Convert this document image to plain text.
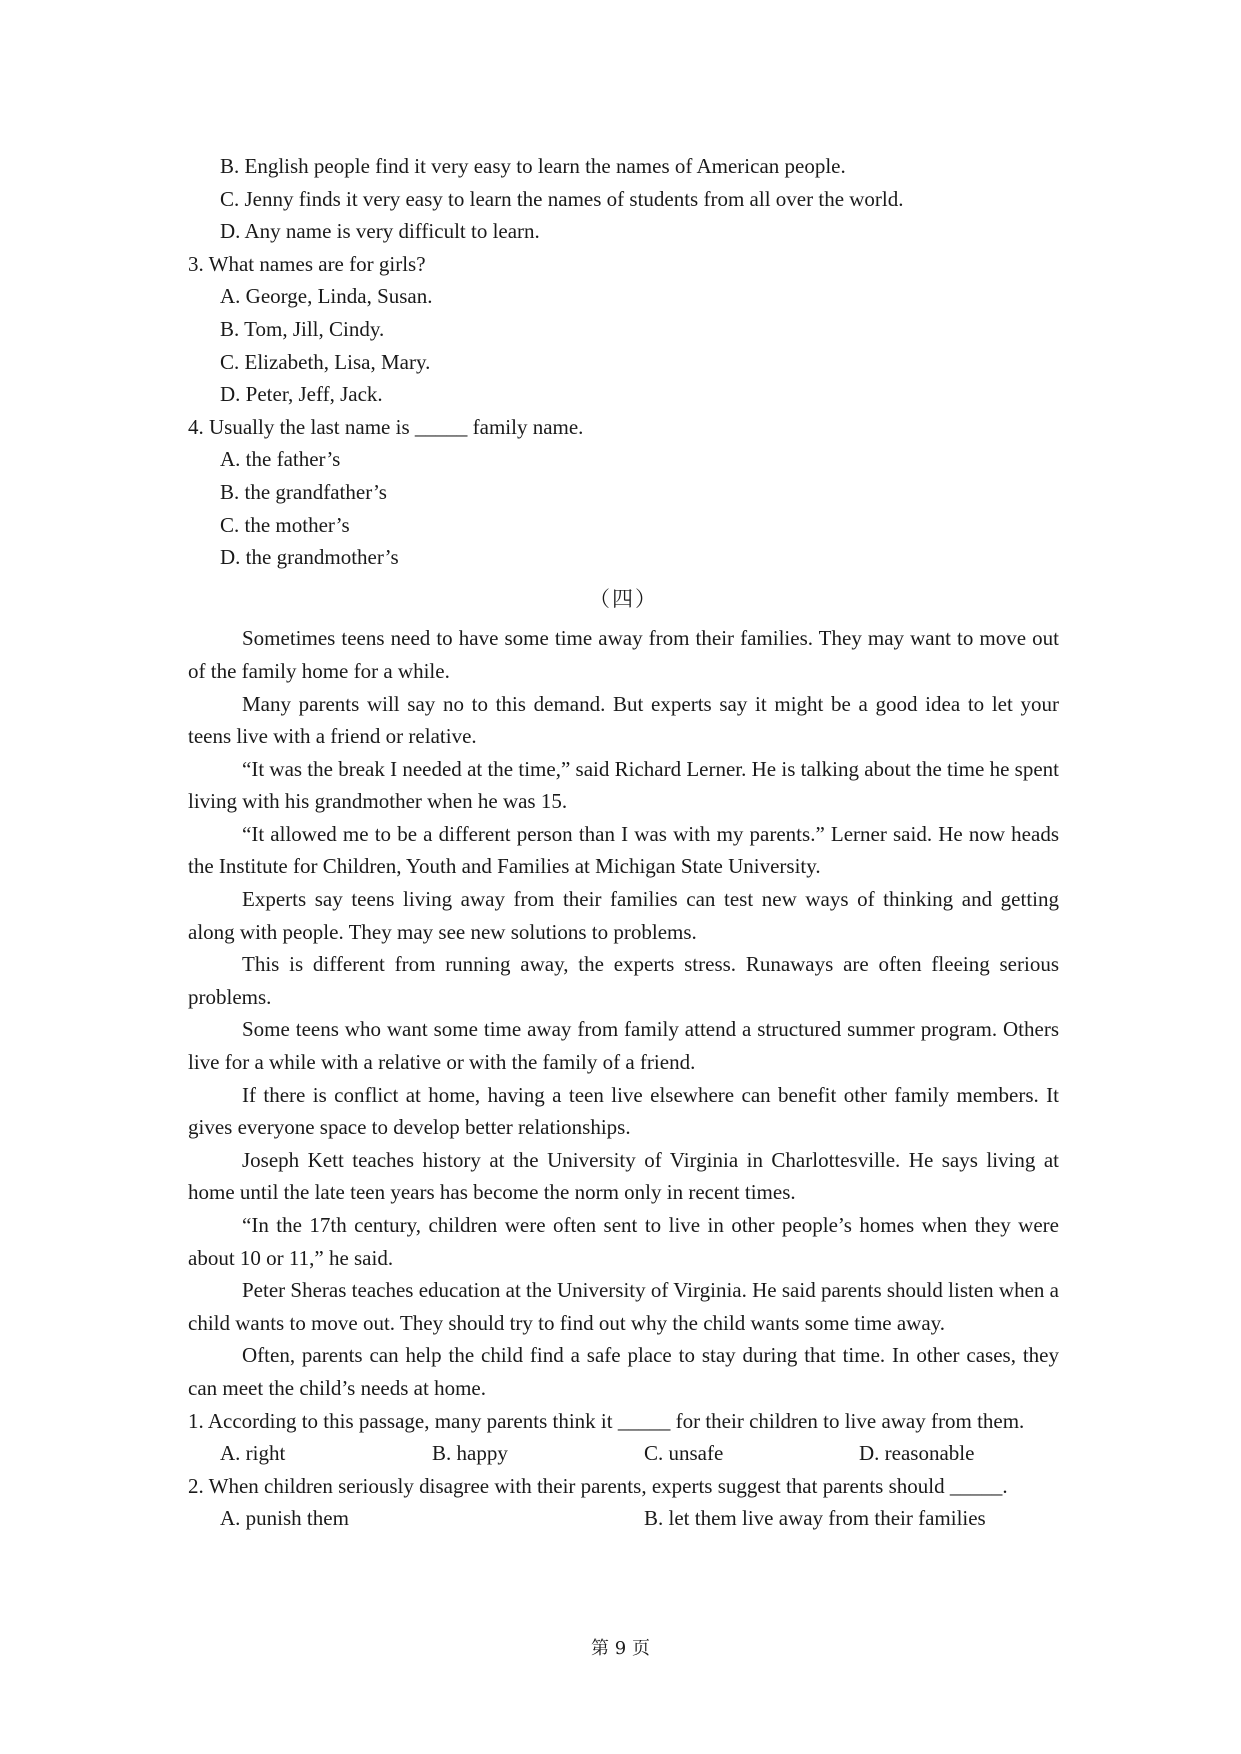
B. English people find it very easy to learn the names of American people.
C. Jenny finds it very easy to learn the names of students from all over the world.
D. Any name is very difficult to learn.
3. What names are for girls?
A. George, Linda, Susan.
B. Tom, Jill, Cindy.
C. Elizabeth, Lisa, Mary.
D. Peter, Jeff, Jack.
4. Usually the last name is _____ family name.
A. the father’s
B. the grandfather’s
C. the mother’s
D. the grandmother’s
（四）
Sometimes teens need to have some time away from their families. They may want to move out of the family home for a while.
Many parents will say no to this demand. But experts say it might be a good idea to let your teens live with a friend or relative.
“It was the break I needed at the time,” said Richard Lerner. He is talking about the time he spent living with his grandmother when he was 15.
“It allowed me to be a different person than I was with my parents.” Lerner said. He now heads the Institute for Children, Youth and Families at Michigan State University.
Experts say teens living away from their families can test new ways of thinking and getting along with people. They may see new solutions to problems.
This is different from running away, the experts stress. Runaways are often fleeing serious problems.
Some teens who want some time away from family attend a structured summer program. Others live for a while with a relative or with the family of a friend.
If there is conflict at home, having a teen live elsewhere can benefit other family members. It gives everyone space to develop better relationships.
Joseph Kett teaches history at the University of Virginia in Charlottesville. He says living at home until the late teen years has become the norm only in recent times.
“In the 17th century, children were often sent to live in other people’s homes when they were about 10 or 11,” he said.
Peter Sheras teaches education at the University of Virginia. He said parents should listen when a child wants to move out. They should try to find out why the child wants some time away.
Often, parents can help the child find a safe place to stay during that time. In other cases, they can meet the child’s needs at home.
1. According to this passage, many parents think it _____ for their children to live away from them.
A. right	B. happy	C. unsafe	D. reasonable
2. When children seriously disagree with their parents, experts suggest that parents should _____.
A. punish them	B. let them live away from their families
第 9 页
